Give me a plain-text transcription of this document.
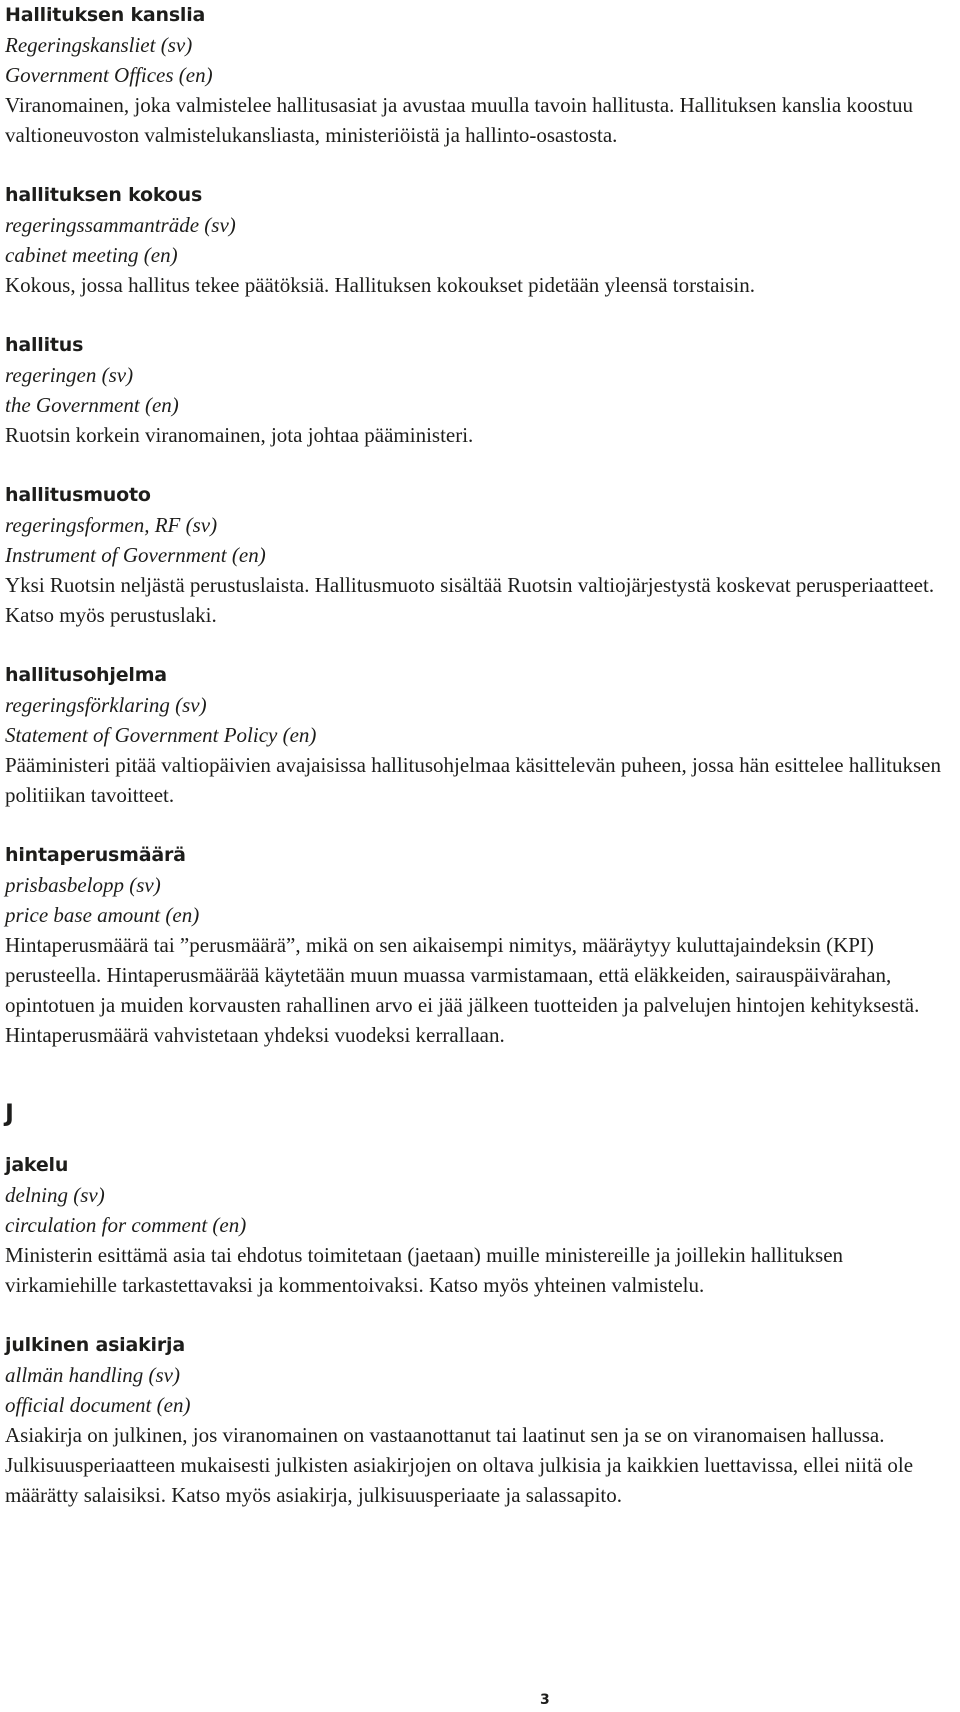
Hallituksen kanslia
Regeringskansliet (sv)
Government Offices (en)

Viranomainen, joka valmistelee hallitusasiat ja avustaa muulla tavoin hallitusta. Hallituksen kanslia koostuu valtioneuvoston valmistelukansliasta, ministeriöistä ja hallinto-osastosta.

hallituksen kokous
regeringssammanträde (sv)
cabinet meeting (en)

Kokous, jossa hallitus tekee päätöksiä. Hallituksen kokoukset pidetään yleensä torstaisin.

hallitus
regeringen (sv)
the Government (en)

Ruotsin korkein viranomainen, jota johtaa pääministeri.

hallitusmuoto
regeringsformen, RF (sv)
Instrument of Government (en)

Yksi Ruotsin neljästä perustuslaista. Hallitusmuoto sisältää Ruotsin valtiojärjestystä koskevat perusperiaatteet. Katso myös perustuslaki.

hallitusohjelma
regeringsförklaring (sv)
Statement of Government Policy (en)

Pääministeri pitää valtiopäivien avajaisissa hallitusohjelmaa käsittelevän puheen, jossa hän esittelee hallituksen politiikan tavoitteet.

hintaperusmäärä
prisbasbelopp (sv)
price base amount (en)

Hintaperusmäärä tai ”perusmäärä”, mikä on sen aikaisempi nimitys, määräytyy kuluttajaindeksin (KPI) perusteella. Hintaperusmäärää käytetään muun muassa varmistamaan, että eläkkeiden, sairauspäivärahan, opintotuen ja muiden korvausten rahallinen arvo ei jää jälkeen tuotteiden ja palvelujen hintojen kehityksestä. Hintaperusmäärä vahvistetaan yhdeksi vuodeksi kerrallaan.

J
jakelu
delning (sv)
circulation for comment (en)

Ministerin esittämä asia tai ehdotus toimitetaan (jaetaan) muille ministereille ja joillekin hallituksen virkamiehille tarkastettavaksi ja kommentoivaksi. Katso myös yhteinen valmistelu.

julkinen asiakirja
allmän handling (sv)
official document (en)

Asiakirja on julkinen, jos viranomainen on vastaanottanut tai laatinut sen ja se on viranomaisen hallussa. Julkisuusperiaatteen mukaisesti julkisten asiakirjojen on oltava julkisia ja kaikkien luettavissa, ellei niitä ole määrätty salaisiksi. Katso myös asiakirja, julkisuusperiaate ja salassapito.

3
